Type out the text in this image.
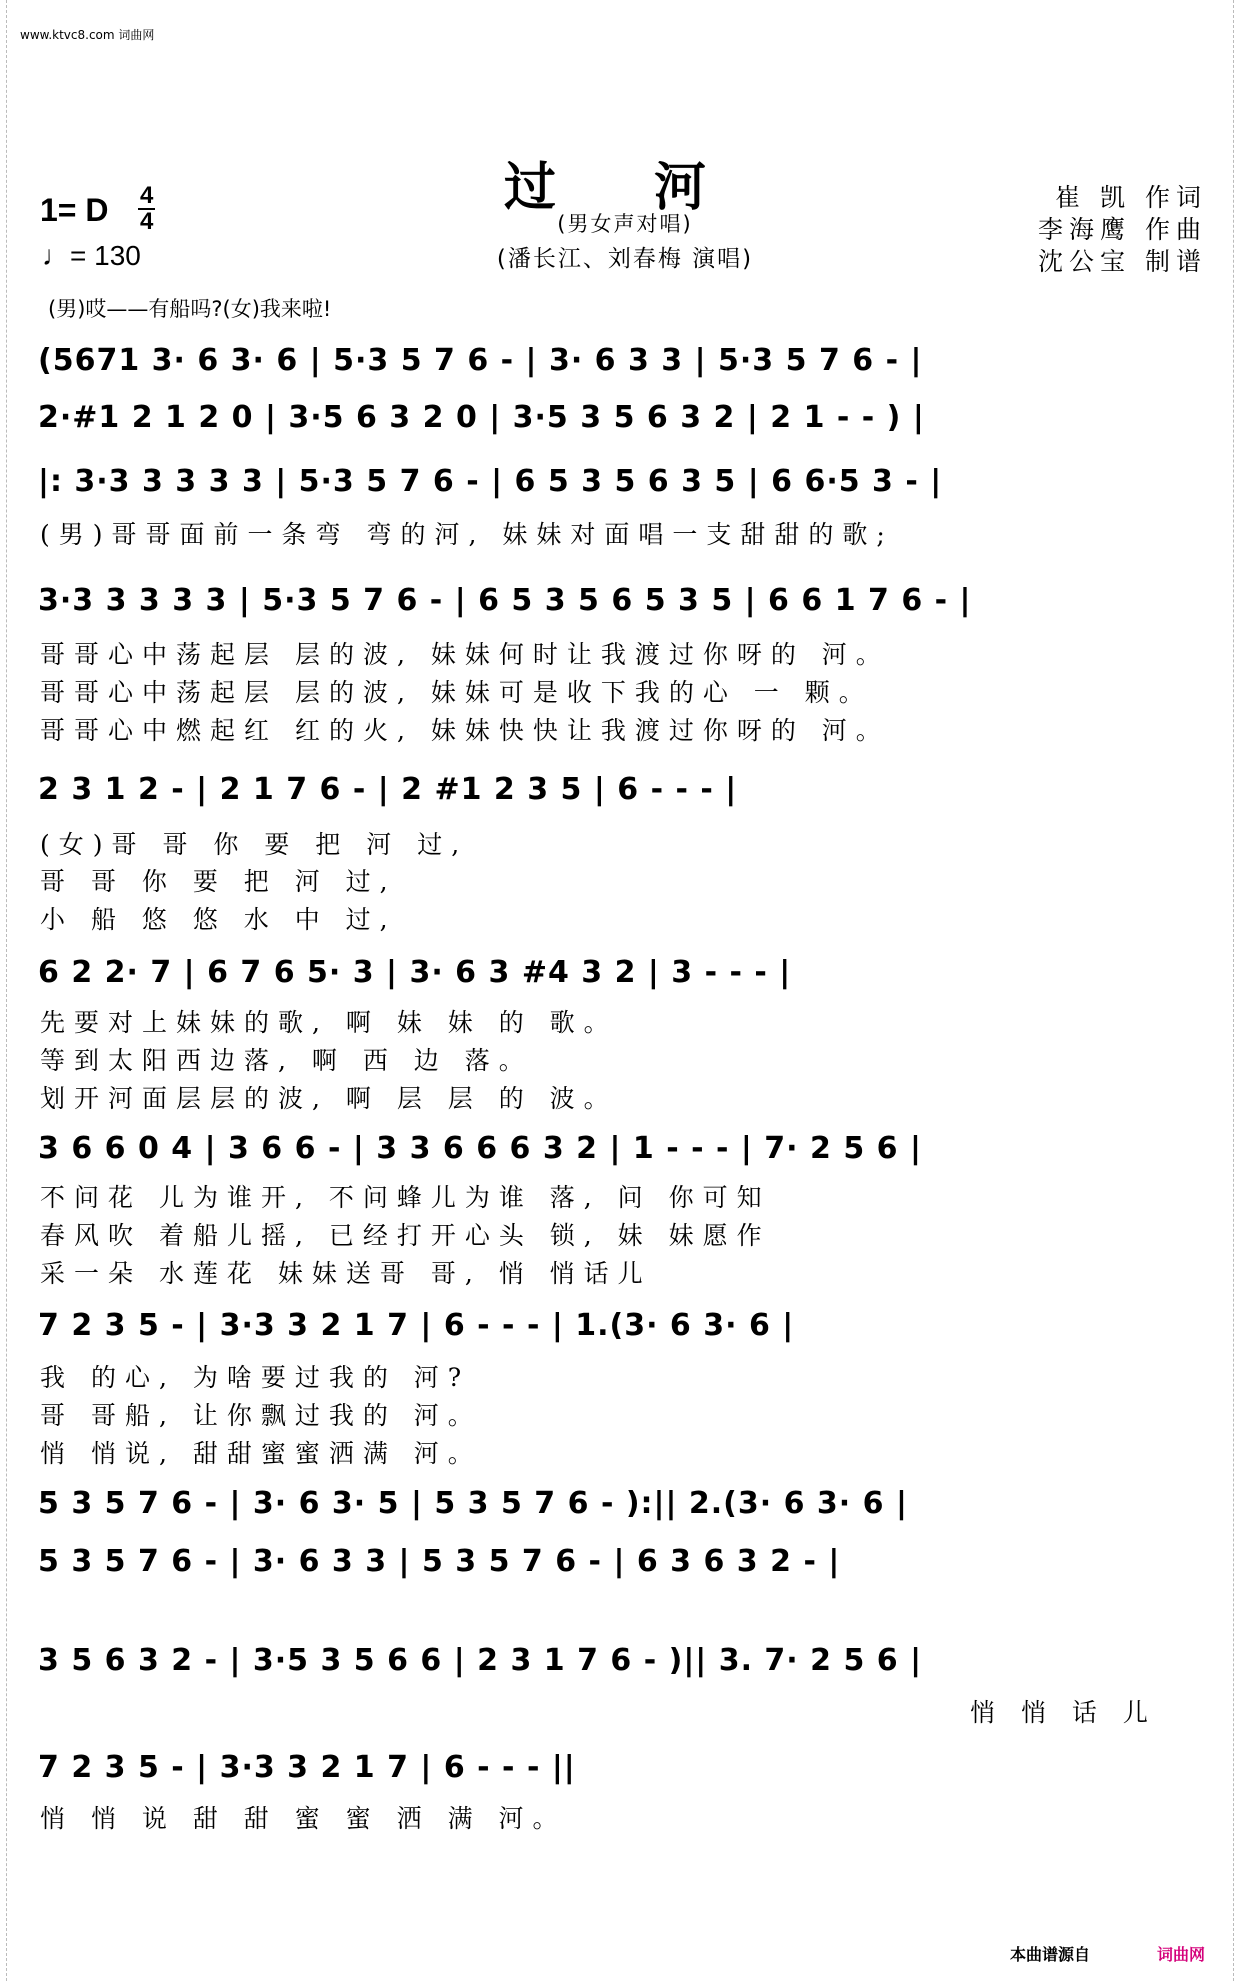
www.ktvc8.com 词曲网
过 河
(男女声对唱)
(潘长江、刘春梅 演唱)
崔 凯 作词
李海鹰 作曲
沈公宝 制谱
1= D 4
4
♩= 130
(男)哎——有船吗?(女)我来啦!
(5671 3· 6 3· 6 | 5·3 5 7 6 - | 3· 6 3 3 | 5·3 5 7 6 - |
2·#1 2 1 2 0 | 3·5 6 3 2 0 | 3·5 3 5 6 3 2 | 2 1 - - ) |
|: 3·3 3 3 3 3 | 5·3 5 7 6 - | 6 5 3 5 6 3 5 | 6 6·5 3 - |
(男)哥哥面前一条弯 弯的河, 妹妹对面唱一支甜甜的歌;
3·3 3 3 3 3 | 5·3 5 7 6 - | 6 5 3 5 6 5 3 5 | 6 6 1 7 6 - |
哥哥心中荡起层 层的波, 妹妹何时让我渡过你呀的 河。
哥哥心中荡起层 层的波, 妹妹可是收下我的心 一 颗。
哥哥心中燃起红 红的火, 妹妹快快让我渡过你呀的 河。
2 3 1 2 - | 2 1 7 6 - | 2 #1 2 3 5 | 6 - - - |
(女)哥 哥 你 要 把 河 过,
哥 哥 你 要 把 河 过,
小 船 悠 悠 水 中 过,
6 2 2· 7 | 6 7 6 5· 3 | 3· 6 3 #4 3 2 | 3 - - - |
先要对上妹妹的歌, 啊 妹 妹 的 歌。
等到太阳西边落, 啊 西 边 落。
划开河面层层的波, 啊 层 层 的 波。
3 6 6 0 4 | 3 6 6 - | 3 3 6 6 6 3 2 | 1 - - - | 7· 2 5 6 |
不问花 儿为谁开, 不问蜂儿为谁 落, 问 你可知
春风吹 着船儿摇, 已经打开心头 锁, 妹 妹愿作
采一朵 水莲花 妹妹送哥 哥, 悄 悄话儿
7 2 3 5 - | 3·3 3 2 1 7 | 6 - - - | 1.(3· 6 3· 6 |
我 的心, 为啥要过我的 河?
哥 哥船, 让你飘过我的 河。
悄 悄说, 甜甜蜜蜜洒满 河。
5 3 5 7 6 - | 3· 6 3· 5 | 5 3 5 7 6 - ):|| 2.(3· 6 3· 6 |
5 3 5 7 6 - | 3· 6 3 3 | 5 3 5 7 6 - | 6 3 6 3 2 - |
3 5 6 3 2 - | 3·5 3 5 6 6 | 2 3 1 7 6 - )|| 3. 7· 2 5 6 |
悄 悄 话 儿
7 2 3 5 - | 3·3 3 2 1 7 | 6 - - - ||
悄 悄 说 甜 甜 蜜 蜜 洒 满 河。
本曲谱源自	词曲网
